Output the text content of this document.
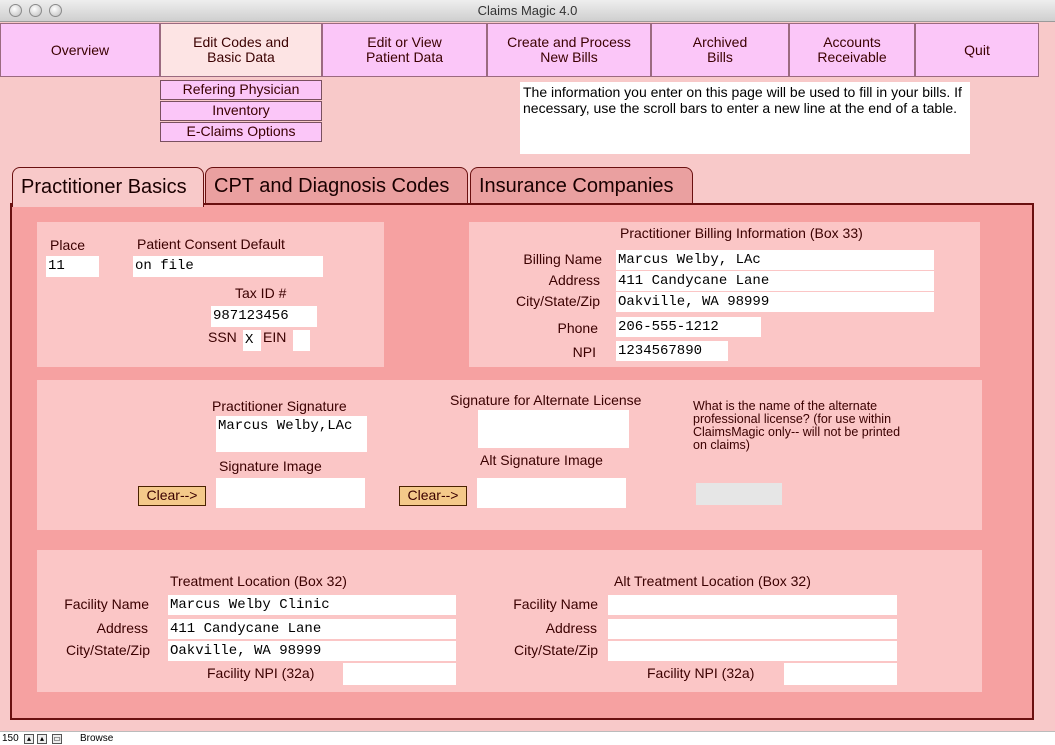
Claims Magic 4.0
Overview	Edit Codes and
Basic Data
Edit or View
Patient Data
Create and Process
New Bills
Archived
Bills
Accounts
Receivable	Quit
Refering Physician
Inventory
E-Claims Options
The information you enter on this page will be used to fill in your bills. If necessary, use the scroll bars to enter a new line at the end of a table.
Practitioner Basics	CPT and Diagnosis Codes	Insurance Companies
Place
11
Patient Consent Default
on file
Tax ID #
987123456
SSN X EIN
Practitioner Billing Information (Box 33)
Billing Name Marcus Welby, LAc
Address 411 Candycane Lane
City/State/Zip Oakville, WA 98999
Phone 206-555-1212
NPI 1234567890
Practitioner Signature
Marcus Welby,LAc
Signature Image
Clear-->
Signature for Alternate License
Alt Signature Image
Clear-->
What is the name of the alternate professional license? (for use within ClaimsMagic only-- will not be printed on claims)
Treatment Location (Box 32)
Facility Name Marcus Welby Clinic
Address 411 Candycane Lane
City/State/Zip Oakville, WA 98999
Facility NPI (32a)
Alt Treatment Location (Box 32)
Facility Name
Address
City/State/Zip
Facility NPI (32a)
150	▴	▴	▭ Browse
